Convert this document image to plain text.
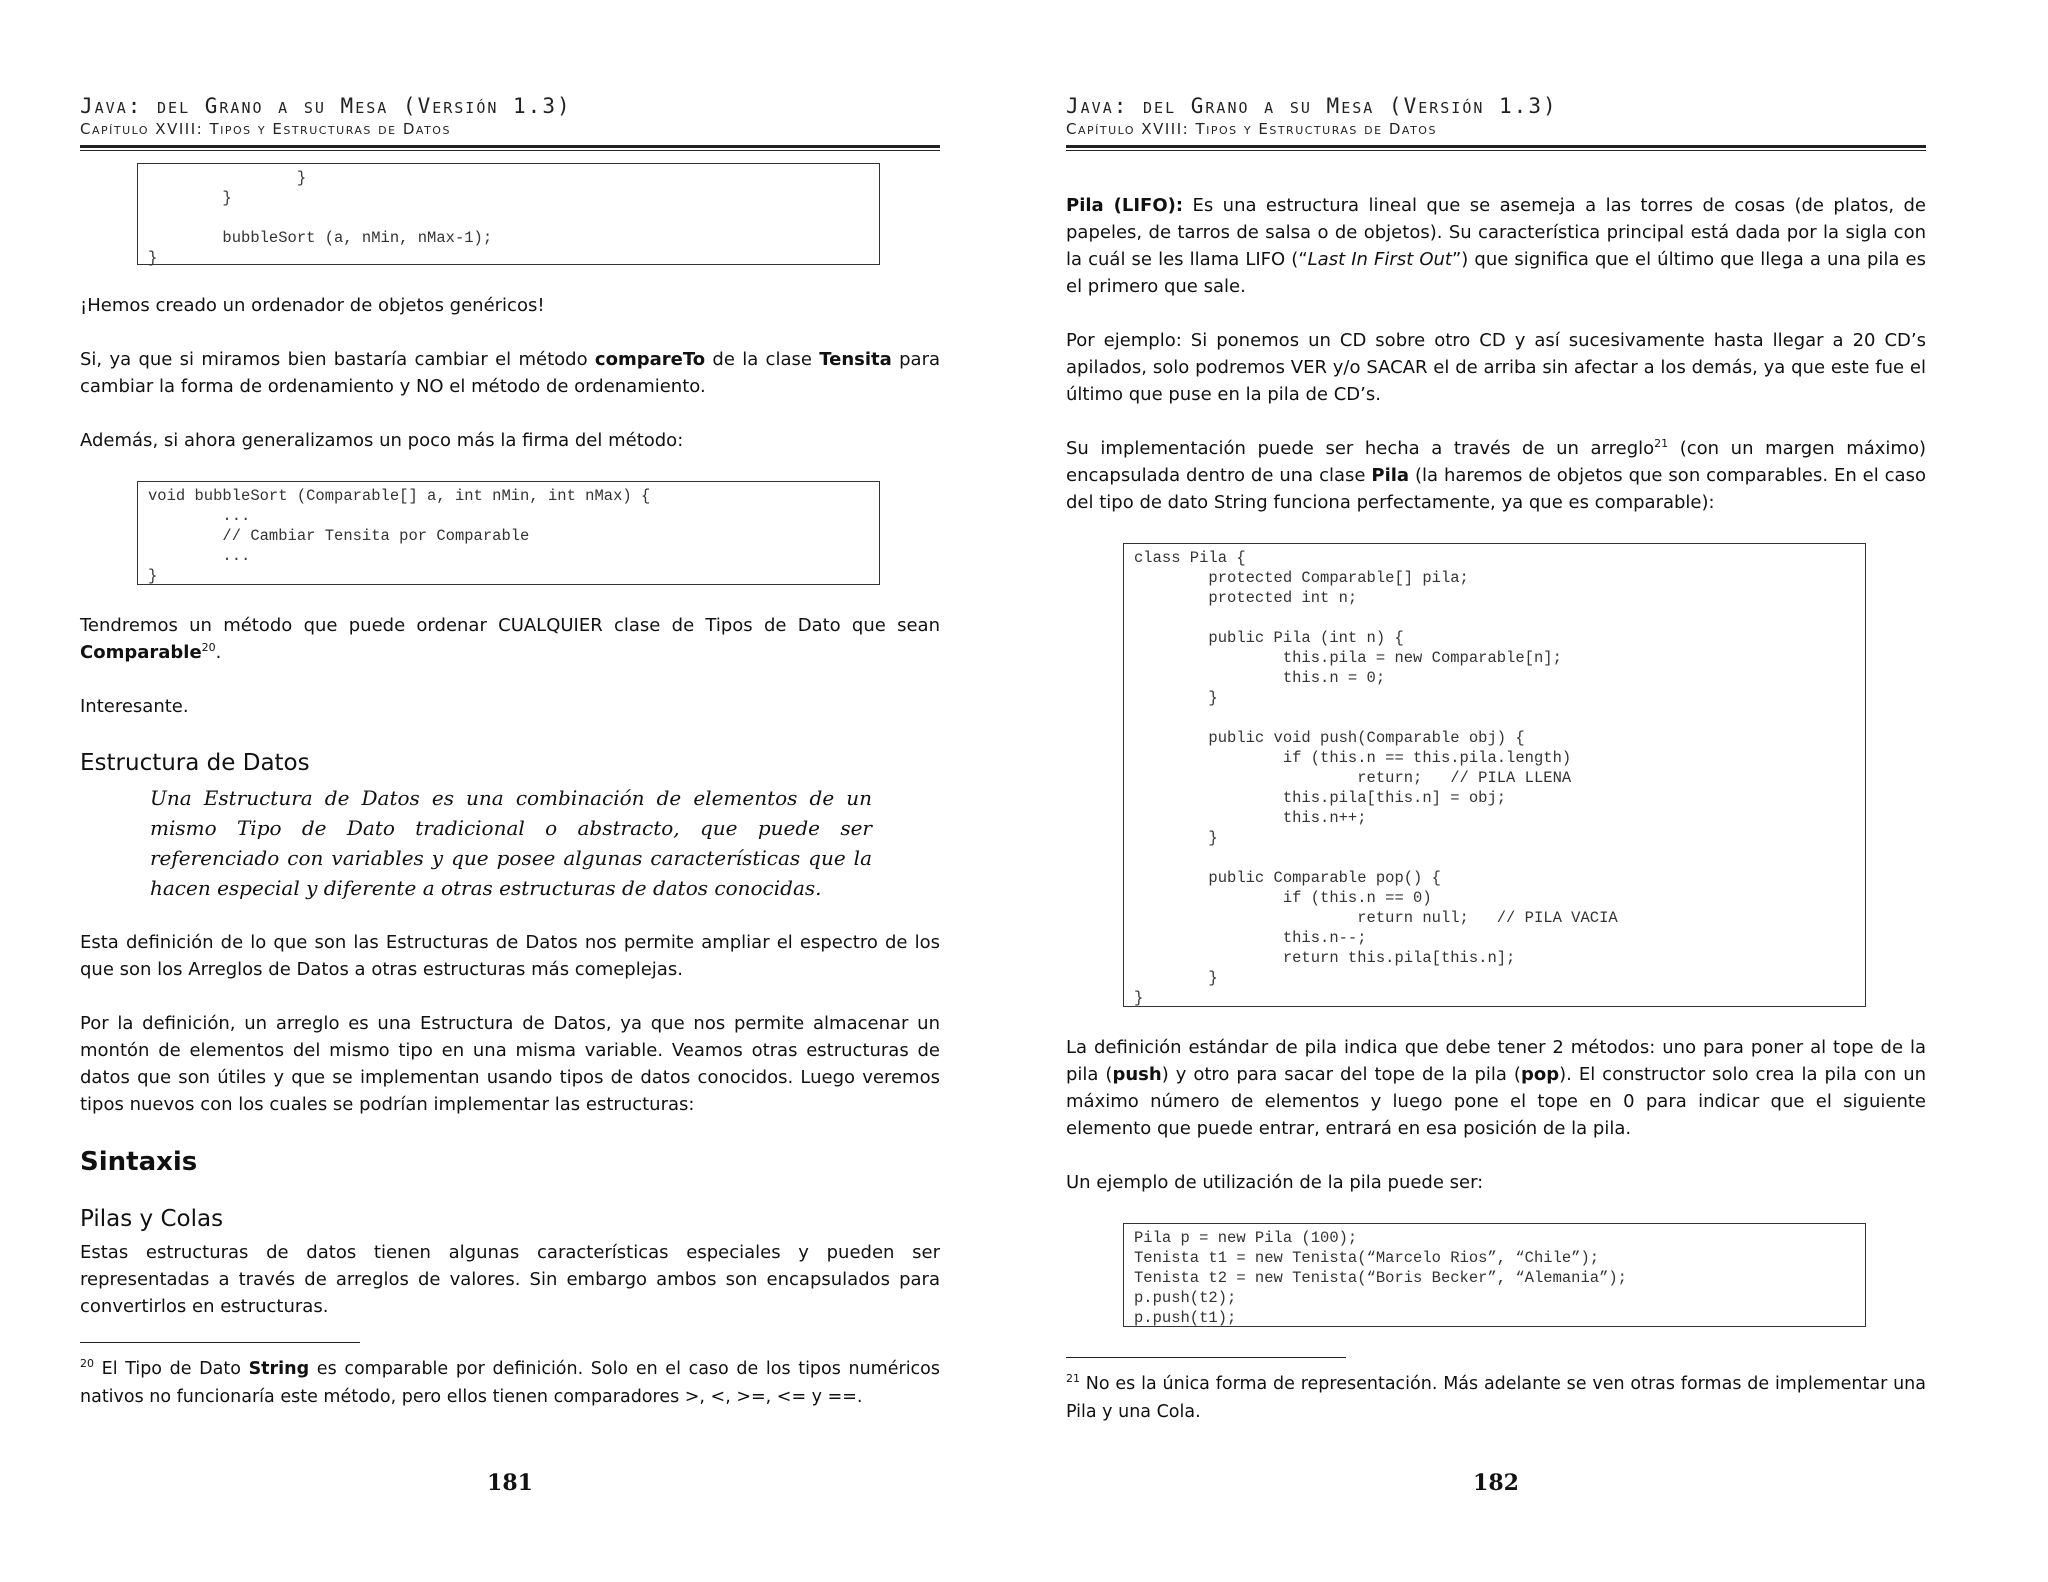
Java: del Grano a su Mesa (Versión 1.3)
Capítulo XVIII: Tipos y Estructuras de Datos
}
}

bubbleSort (a, nMin, nMax-1);
}

¡Hemos creado un ordenador de objetos genéricos!

Si, ya que si miramos bien bastaría cambiar el método compareTo de la clase Tensita para cambiar la forma de ordenamiento y NO el método de ordenamiento.

Además, si ahora generalizamos un poco más la firma del método:

void bubbleSort (Comparable[] a, int nMin, int nMax) {
...
// Cambiar Tensita por Comparable
...
}

Tendremos un método que puede ordenar CUALQUIER clase de Tipos de Dato que sean Comparable$^{20}$.

Interesante.

Estructura de Datos
Una Estructura de Datos es una combinación de elementos de un mismo Tipo de Dato tradicional o abstracto, que puede ser referenciado con variables y que posee algunas características que la hacen especial y diferente a otras estructuras de datos conocidas.

Esta definición de lo que son las Estructuras de Datos nos permite ampliar el espectro de los que son los Arreglos de Datos a otras estructuras más comeplejas.

Por la definición, un arreglo es una Estructura de Datos, ya que nos permite almacenar un montón de elementos del mismo tipo en una misma variable. Veamos otras estructuras de datos que son útiles y que se implementan usando tipos de datos conocidos. Luego veremos tipos nuevos con los cuales se podrían implementar las estructuras:

Sintaxis
Pilas y Colas

Estas estructuras de datos tienen algunas características especiales y pueden ser representadas a través de arreglos de valores. Sin embargo ambos son encapsulados para convertirlos en estructuras.

$^{20}$ El Tipo de Dato String es comparable por definición. Solo en el caso de los tipos numéricos nativos no funcionaría este método, pero ellos tienen comparadores >, <, >=, <= y ==.

181
Java: del Grano a su Mesa (Versión 1.3)
Capítulo XVIII: Tipos y Estructuras de Datos

Pila (LIFO): Es una estructura lineal que se asemeja a las torres de cosas (de platos, de papeles, de tarros de salsa o de objetos). Su característica principal está dada por la sigla con la cuál se les llama LIFO (“Last In First Out”) que significa que el último que llega a una pila es el primero que sale.

Por ejemplo: Si ponemos un CD sobre otro CD y así sucesivamente hasta llegar a 20 CD’s apilados, solo podremos VER y/o SACAR el de arriba sin afectar a los demás, ya que este fue el último que puse en la pila de CD’s.

Su implementación puede ser hecha a través de un arreglo$^{21}$ (con un margen máximo) encapsulada dentro de una clase Pila (la haremos de objetos que son comparables. En el caso del tipo de dato String funciona perfectamente, ya que es comparable):

class Pila {
protected Comparable[] pila;
protected int n;

public Pila (int n) {
this.pila = new Comparable[n];
this.n = 0;
}

public void push(Comparable obj) {
if (this.n == this.pila.length)
return;   // PILA LLENA
this.pila[this.n] = obj;
this.n++;
}

public Comparable pop() {
if (this.n == 0)
return null;   // PILA VACIA
this.n--;
return this.pila[this.n];
}
}

La definición estándar de pila indica que debe tener 2 métodos: uno para poner al tope de la pila (push) y otro para sacar del tope de la pila (pop). El constructor solo crea la pila con un máximo número de elementos y luego pone el tope en 0 para indicar que el siguiente elemento que puede entrar, entrará en esa posición de la pila.

Un ejemplo de utilización de la pila puede ser:

Pila p = new Pila (100);
Tenista t1 = new Tenista(“Marcelo Rios”, “Chile”);
Tenista t2 = new Tenista(“Boris Becker”, “Alemania”);
p.push(t2);
p.push(t1);

$^{21}$ No es la única forma de representación. Más adelante se ven otras formas de implementar una Pila y una Cola.

182
